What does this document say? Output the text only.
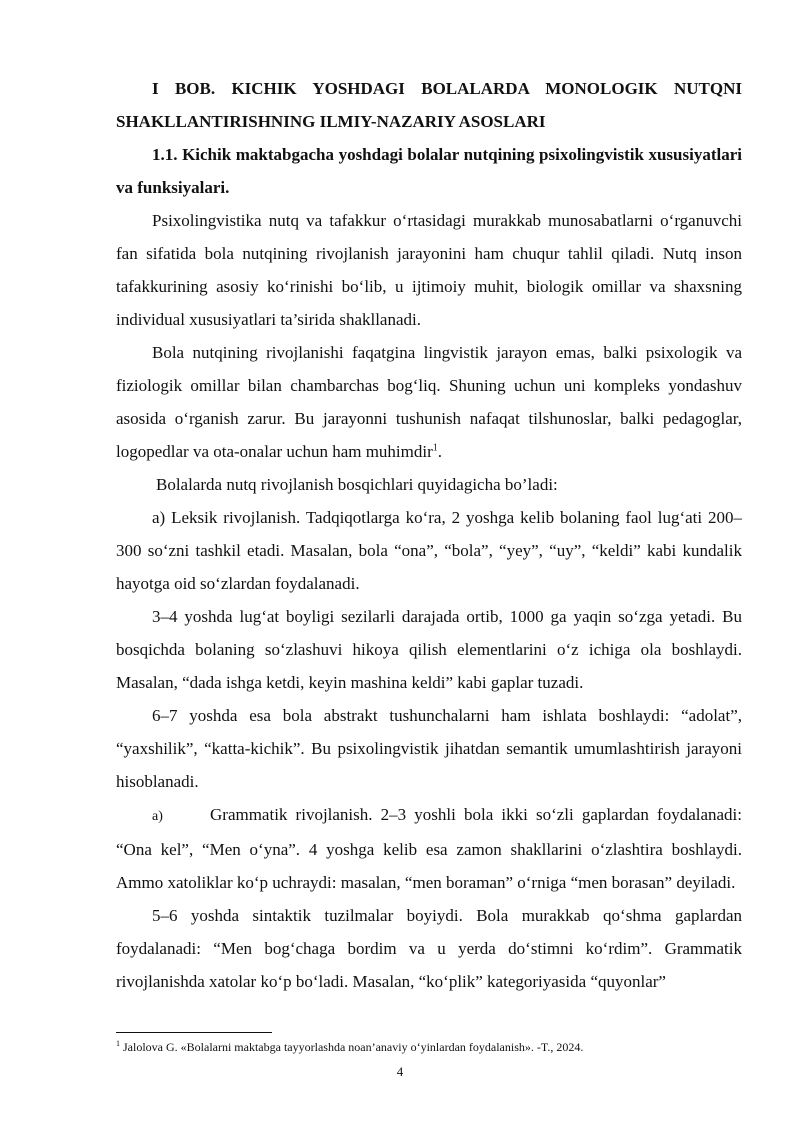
I BOB. KICHIK YOSHDAGI BOLALARDA MONOLOGIK NUTQNI SHAKLLANTIRISHNING ILMIY-NAZARIY ASOSLARI

1.1. Kichik maktabgacha yoshdagi bolalar nutqining psixolingvistik xususiyatlari va funksiyalari.

Psixolingvistika nutq va tafakkur o‘rtasidagi murakkab munosabatlarni o‘rganuvchi fan sifatida bola nutqining rivojlanish jarayonini ham chuqur tahlil qiladi. Nutq inson tafakkurining asosiy ko‘rinishi bo‘lib, u ijtimoiy muhit, biologik omillar va shaxsning individual xususiyatlari ta’sirida shakllanadi.

Bola nutqining rivojlanishi faqatgina lingvistik jarayon emas, balki psixologik va fiziologik omillar bilan chambarchas bog‘liq. Shuning uchun uni kompleks yondashuv asosida o‘rganish zarur. Bu jarayonni tushunish nafaqat tilshunoslar, balki pedagoglar, logopedlar va ota-onalar uchun ham muhimdir$^1$.

Bolalarda nutq rivojlanish bosqichlari quyidagicha bo’ladi:

a) Leksik rivojlanish. Tadqiqotlarga ko‘ra, 2 yoshga kelib bolaning faol lug‘ati 200–300 so‘zni tashkil etadi. Masalan, bola “ona”, “bola”, “yey”, “uy”, “keldi” kabi kundalik hayotga oid so‘zlardan foydalanadi.

3–4 yoshda lug‘at boyligi sezilarli darajada ortib, 1000 ga yaqin so‘zga yetadi. Bu bosqichda bolaning so‘zlashuvi hikoya qilish elementlarini o‘z ichiga ola boshlaydi. Masalan, “dada ishga ketdi, keyin mashina keldi” kabi gaplar tuzadi.

6–7 yoshda esa bola abstrakt tushunchalarni ham ishlata boshlaydi: “adolat”, “yaxshilik”, “katta-kichik”. Bu psixolingvistik jihatdan semantik umumlashtirish jarayoni hisoblanadi.

a)	Grammatik rivojlanish. 2–3 yoshli bola ikki so‘zli gaplardan foydalanadi: “Ona kel”, “Men o‘yna”. 4 yoshga kelib esa zamon shakllarini o‘zlashtira boshlaydi. Ammo xatoliklar ko‘p uchraydi: masalan, “men boraman” o‘rniga “men borasan” deyiladi.

5–6 yoshda sintaktik tuzilmalar boyiydi. Bola murakkab qo‘shma gaplardan foydalanadi: “Men bog‘chaga bordim va u yerda do‘stimni ko‘rdim”. Grammatik rivojlanishda xatolar ko‘p bo‘ladi. Masalan, “ko‘plik” kategoriyasida “quyonlar”

$^1$ Jalolova G. «Bolalarni maktabga tayyorlashda noan’anaviy o‘yinlardan foydalanish». -T., 2024.
4
